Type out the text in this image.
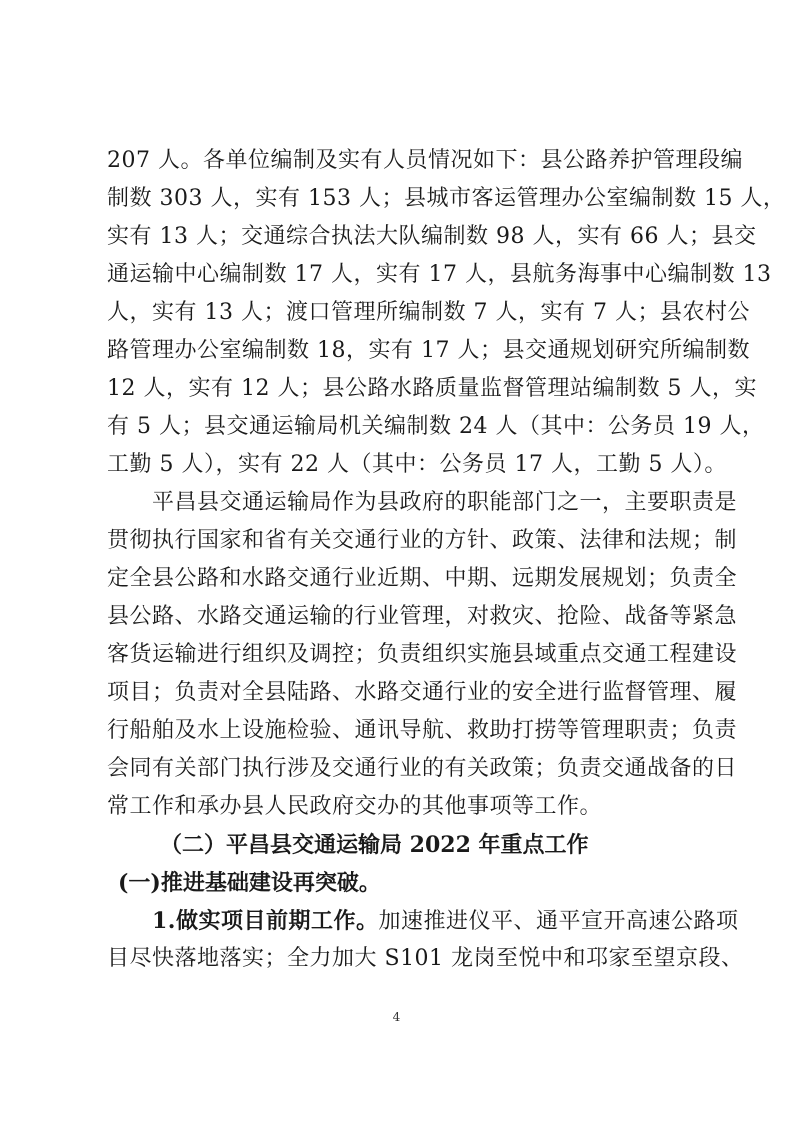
207 人。各单位编制及实有人员情况如下：县公路养护管理段编
制数 303 人，实有 153 人；县城市客运管理办公室编制数 15 人，
实有 13 人；交通综合执法大队编制数 98 人，实有 66 人；县交
通运输中心编制数 17 人，实有 17 人，县航务海事中心编制数 13
人，实有 13 人；渡口管理所编制数 7 人，实有 7 人；县农村公
路管理办公室编制数 18，实有 17 人；县交通规划研究所编制数
12 人，实有 12 人；县公路水路质量监督管理站编制数 5 人，实
有 5 人；县交通运输局机关编制数 24 人（其中：公务员 19 人，
工勤 5 人），实有 22 人（其中：公务员 17 人，工勤 5 人）。
平昌县交通运输局作为县政府的职能部门之一，主要职责是
贯彻执行国家和省有关交通行业的方针、政策、法律和法规；制
定全县公路和水路交通行业近期、中期、远期发展规划；负责全
县公路、水路交通运输的行业管理，对救灾、抢险、战备等紧急
客货运输进行组织及调控；负责组织实施县域重点交通工程建设
项目；负责对全县陆路、水路交通行业的安全进行监督管理、履
行船舶及水上设施检验、通讯导航、救助打捞等管理职责；负责
会同有关部门执行涉及交通行业的有关政策；负责交通战备的日
常工作和承办县人民政府交办的其他事项等工作。
（二）平昌县交通运输局 2022 年重点工作
(一)推进基础建设再突破。
1.做实项目前期工作。加速推进仪平、通平宣开高速公路项
目尽快落地落实；全力加大 S101 龙岗至悦中和邛家至望京段、
4
